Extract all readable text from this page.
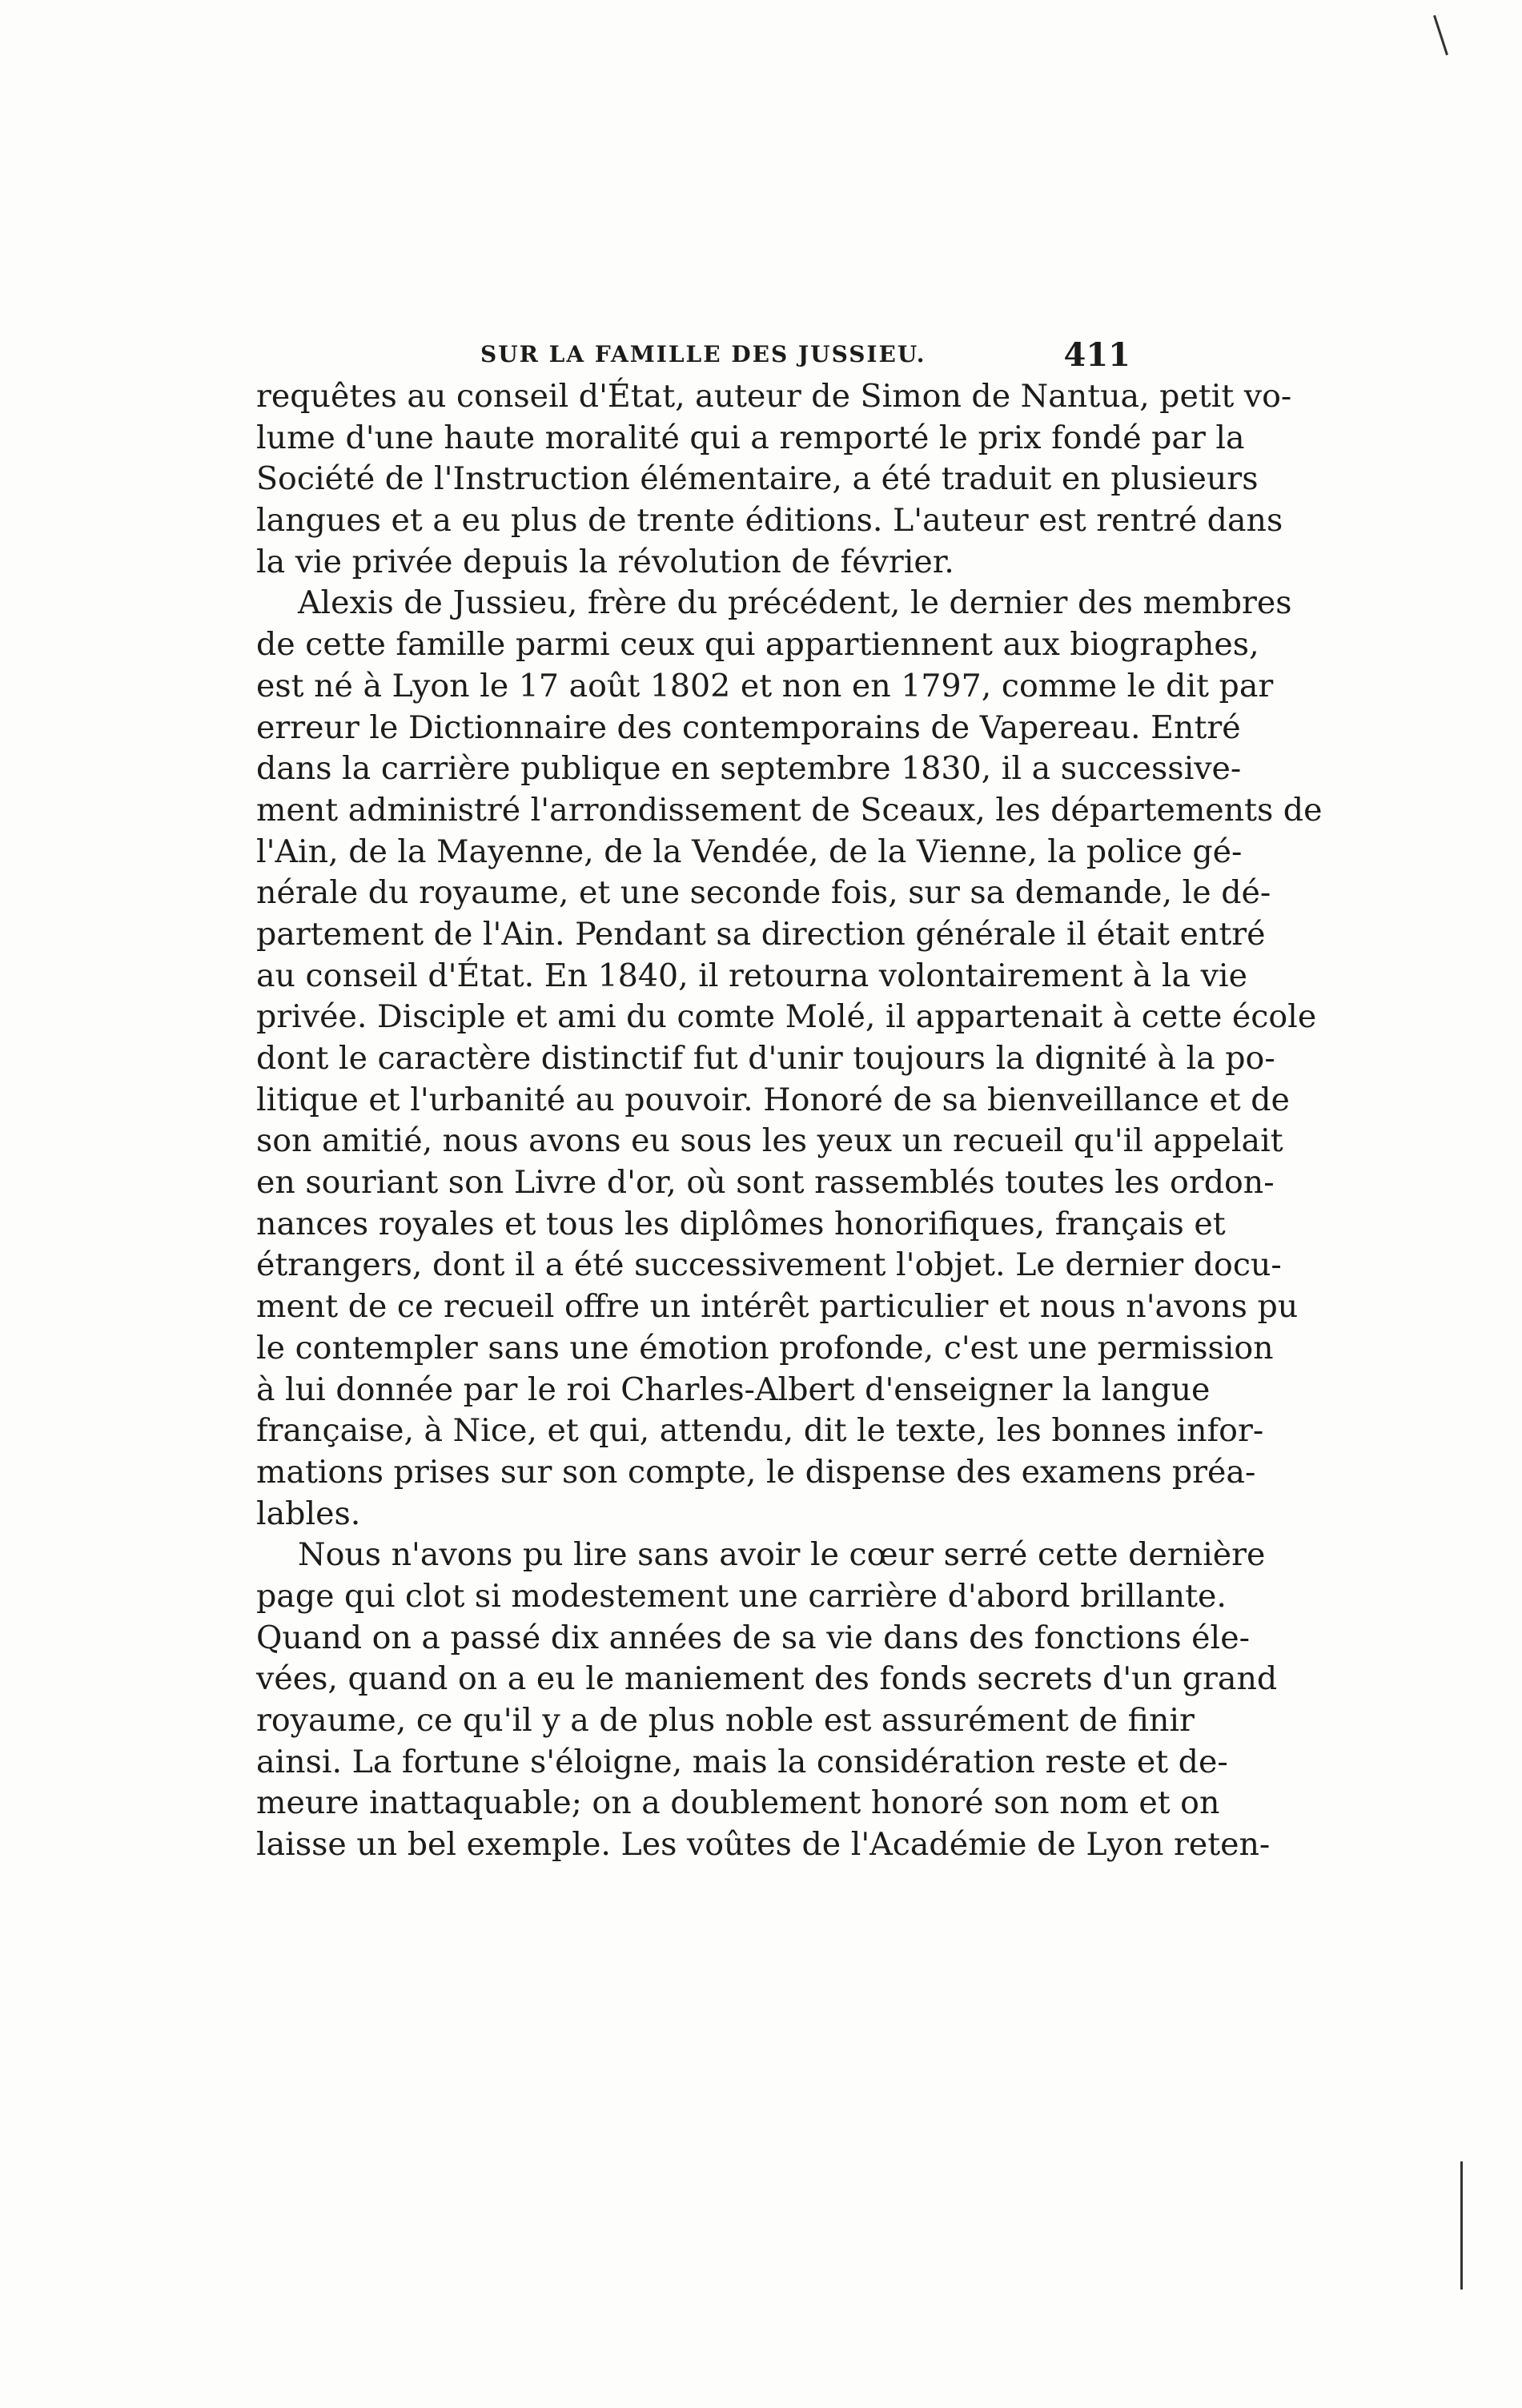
SUR LA FAMILLE DES JUSSIEU.	411
requêtes au conseil d'État, auteur de Simon de Nantua, petit vo-
lume d'une haute moralité qui a remporté le prix fondé par la
Société de l'Instruction élémentaire, a été traduit en plusieurs
langues et a eu plus de trente éditions. L'auteur est rentré dans
la vie privée depuis la révolution de février.
Alexis de Jussieu, frère du précédent, le dernier des membres
de cette famille parmi ceux qui appartiennent aux biographes,
est né à Lyon le 17 août 1802 et non en 1797, comme le dit par
erreur le Dictionnaire des contemporains de Vapereau. Entré
dans la carrière publique en septembre 1830, il a successive-
ment administré l'arrondissement de Sceaux, les départements de
l'Ain, de la Mayenne, de la Vendée, de la Vienne, la police gé-
nérale du royaume, et une seconde fois, sur sa demande, le dé-
partement de l'Ain. Pendant sa direction générale il était entré
au conseil d'État. En 1840, il retourna volontairement à la vie
privée. Disciple et ami du comte Molé, il appartenait à cette école
dont le caractère distinctif fut d'unir toujours la dignité à la po-
litique et l'urbanité au pouvoir. Honoré de sa bienveillance et de
son amitié, nous avons eu sous les yeux un recueil qu'il appelait
en souriant son Livre d'or, où sont rassemblés toutes les ordon-
nances royales et tous les diplômes honorifiques, français et
étrangers, dont il a été successivement l'objet. Le dernier docu-
ment de ce recueil offre un intérêt particulier et nous n'avons pu
le contempler sans une émotion profonde, c'est une permission
à lui donnée par le roi Charles-Albert d'enseigner la langue
française, à Nice, et qui, attendu, dit le texte, les bonnes infor-
mations prises sur son compte, le dispense des examens préa-
lables.
Nous n'avons pu lire sans avoir le cœur serré cette dernière
page qui clot si modestement une carrière d'abord brillante.
Quand on a passé dix années de sa vie dans des fonctions éle-
vées, quand on a eu le maniement des fonds secrets d'un grand
royaume, ce qu'il y a de plus noble est assurément de finir
ainsi. La fortune s'éloigne, mais la considération reste et de-
meure inattaquable; on a doublement honoré son nom et on
laisse un bel exemple. Les voûtes de l'Académie de Lyon reten-
